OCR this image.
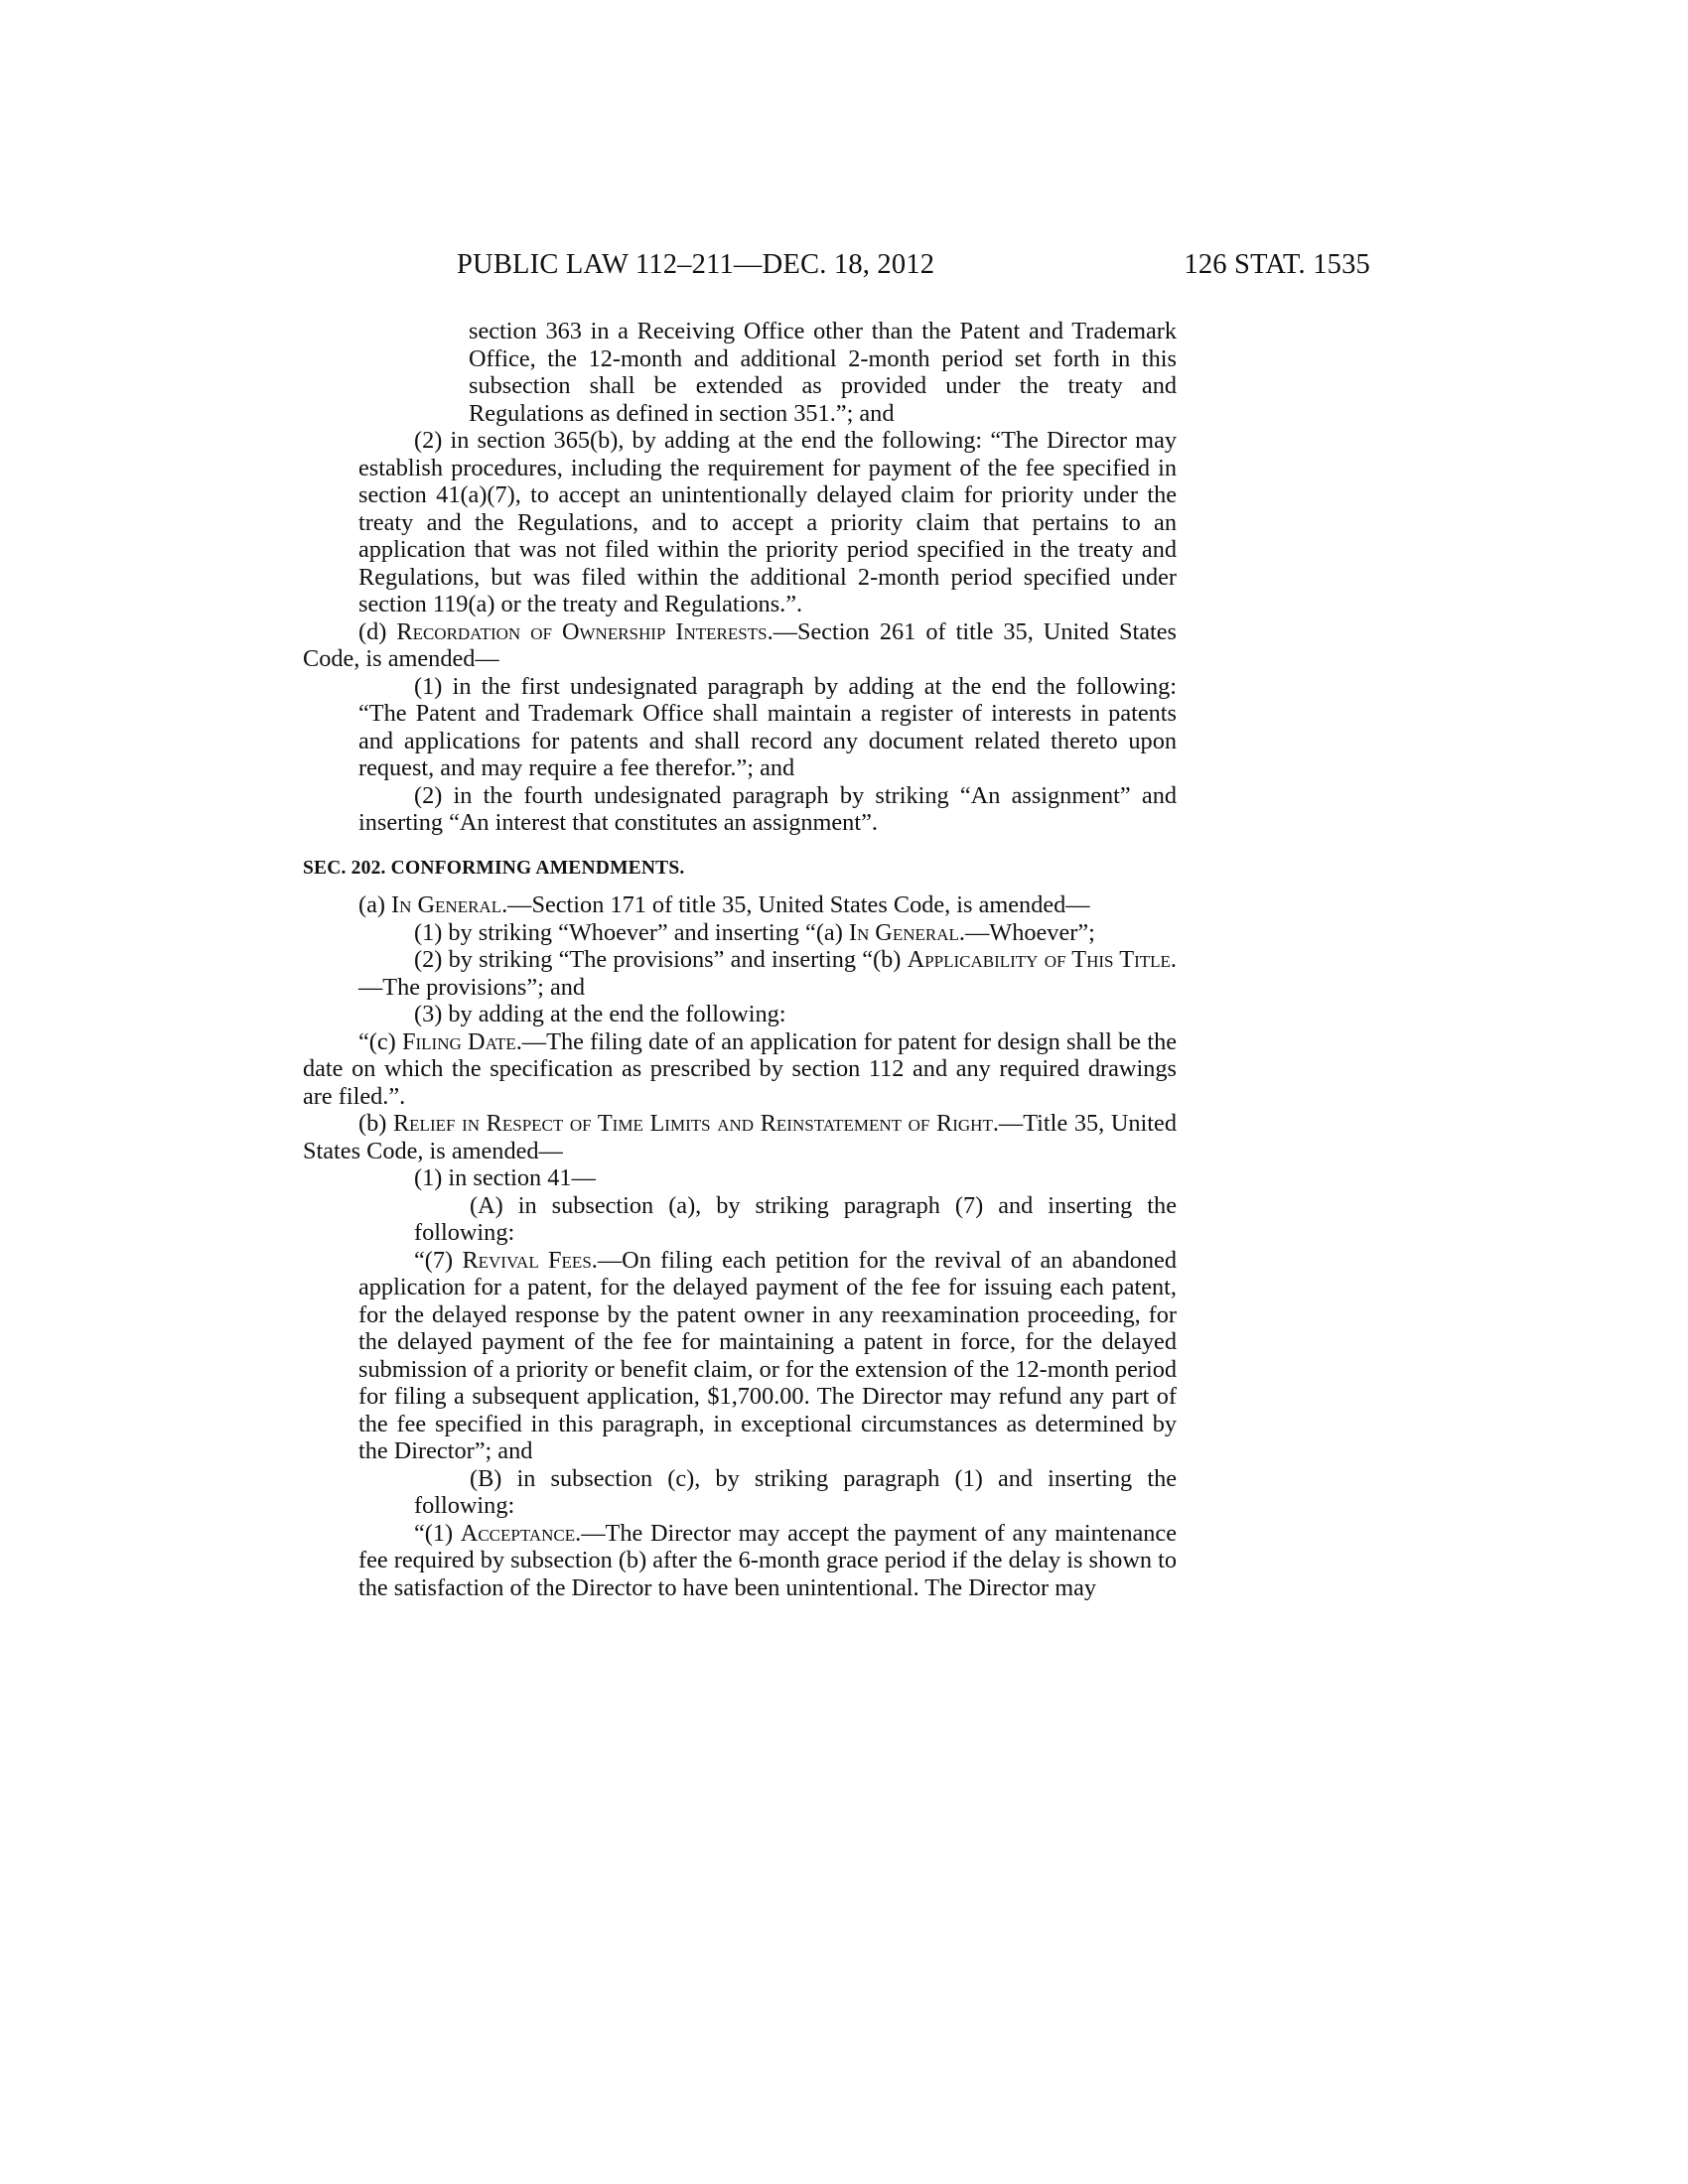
PUBLIC LAW 112–211—DEC. 18, 2012	126 STAT. 1535

section 363 in a Receiving Office other than the Patent and Trademark Office, the 12-month and additional 2-month period set forth in this subsection shall be extended as provided under the treaty and Regulations as defined in section 351.”; and

(2) in section 365(b), by adding at the end the following: “The Director may establish procedures, including the requirement for payment of the fee specified in section 41(a)(7), to accept an unintentionally delayed claim for priority under the treaty and the Regulations, and to accept a priority claim that pertains to an application that was not filed within the priority period specified in the treaty and Regulations, but was filed within the additional 2-month period specified under section 119(a) or the treaty and Regulations.”.

(d) Recordation of Ownership Interests.—Section 261 of title 35, United States Code, is amended—

(1) in the first undesignated paragraph by adding at the end the following: “The Patent and Trademark Office shall maintain a register of interests in patents and applications for patents and shall record any document related thereto upon request, and may require a fee therefor.”; and

(2) in the fourth undesignated paragraph by striking “An assignment” and inserting “An interest that constitutes an assignment”.

SEC. 202. CONFORMING AMENDMENTS.

(a) In General.—Section 171 of title 35, United States Code, is amended—

(1) by striking “Whoever” and inserting “(a) In General.—Whoever”;

(2) by striking “The provisions” and inserting “(b) Applicability of This Title.—The provisions”; and

(3) by adding at the end the following:

“(c) Filing Date.—The filing date of an application for patent for design shall be the date on which the specification as prescribed by section 112 and any required drawings are filed.”.

(b) Relief in Respect of Time Limits and Reinstatement of Right.—Title 35, United States Code, is amended—

(1) in section 41—

(A) in subsection (a), by striking paragraph (7) and inserting the following:

“(7) Revival Fees.—On filing each petition for the revival of an abandoned application for a patent, for the delayed payment of the fee for issuing each patent, for the delayed response by the patent owner in any reexamination proceeding, for the delayed payment of the fee for maintaining a patent in force, for the delayed submission of a priority or benefit claim, or for the extension of the 12-month period for filing a subsequent application, $1,700.00. The Director may refund any part of the fee specified in this paragraph, in exceptional circumstances as determined by the Director”; and

(B) in subsection (c), by striking paragraph (1) and inserting the following:

“(1) Acceptance.—The Director may accept the payment of any maintenance fee required by subsection (b) after the 6-month grace period if the delay is shown to the satisfaction of the Director to have been unintentional. The Director may
